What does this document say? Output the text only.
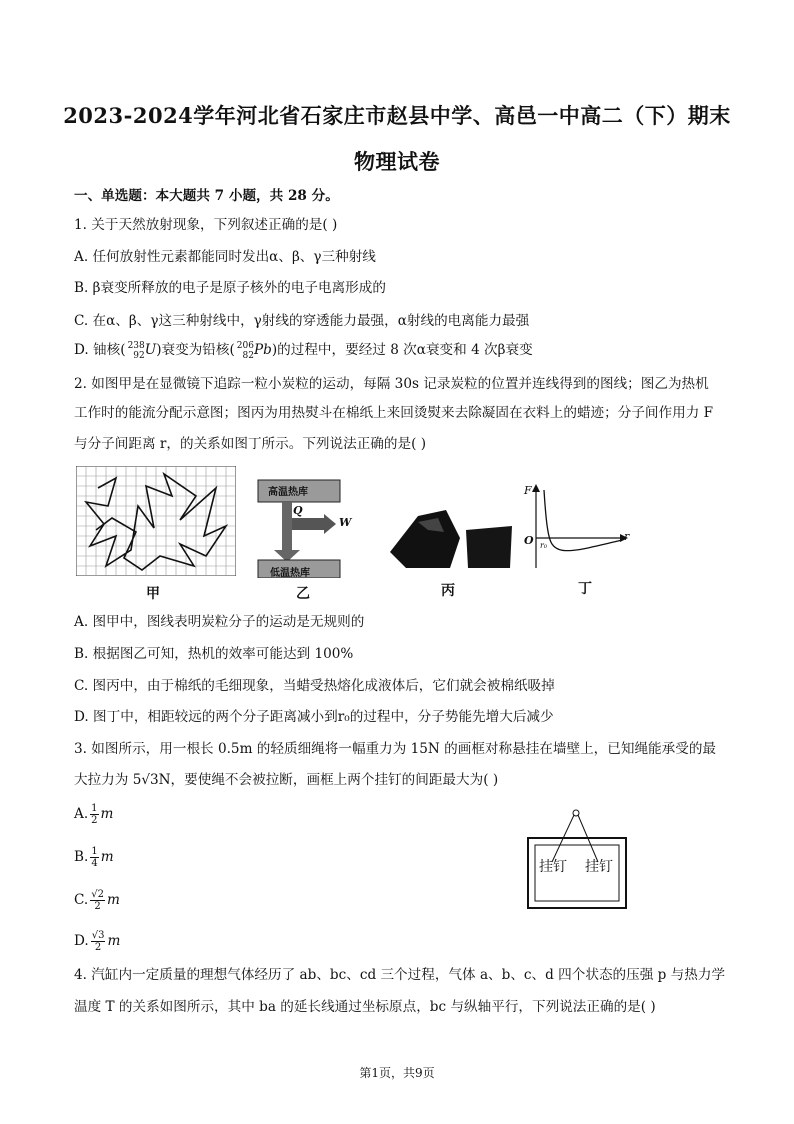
2023-2024学年河北省石家庄市赵县中学、高邑一中高二（下）期末
物理试卷
一、单选题：本大题共 7 小题，共 28 分。
1. 关于天然放射现象，下列叙述正确的是( )
A. 任何放射性元素都能同时发出α、β、γ三种射线
B. β衰变所释放的电子是原子核外的电子电离形成的
C. 在α、β、γ这三种射线中，γ射线的穿透能力最强，α射线的电离能力最强
D. 铀核( 238
92 U)衰变为铅核( 206
82 Pb)的过程中，要经过 8 次α衰变和 4 次β衰变
2. 如图甲是在显微镜下追踪一粒小炭粒的运动，每隔 30s 记录炭粒的位置并连线得到的图线；图乙为热机
工作时的能流分配示意图；图丙为用热熨斗在棉纸上来回烫熨来去除凝固在衣料上的蜡迹；分子间作用力 F
与分子间距离 r，的关系如图丁所示。下列说法正确的是( )
甲
高温热库
低温热库
Q
W
乙	丙
F
O r₀
r
丁
A. 图甲中，图线表明炭粒分子的运动是无规则的
B. 根据图乙可知，热机的效率可能达到 100%
C. 图丙中，由于棉纸的毛细现象，当蜡受热熔化成液体后，它们就会被棉纸吸掉
D. 图丁中，相距较远的两个分子距离减小到r₀的过程中，分子势能先增大后减少
3. 如图所示，用一根长 0.5m 的轻质细绳将一幅重力为 15N 的画框对称悬挂在墙壁上，已知绳能承受的最
大拉力为 5√3N，要使绳不会被拉断，画框上两个挂钉的间距最大为( )
A. $\frac{1}{2}$ m
B. $\frac{1}{4}$ m
C. $\frac{√2}{2}$ m
D. $\frac{√3}{2}$ m
挂钉 挂钉
4. 汽缸内一定质量的理想气体经历了 ab、bc、cd 三个过程，气体 a、b、c、d 四个状态的压强 p 与热力学
温度 T 的关系如图所示，其中 ba 的延长线通过坐标原点，bc 与纵轴平行，下列说法正确的是( )
第1页，共9页
